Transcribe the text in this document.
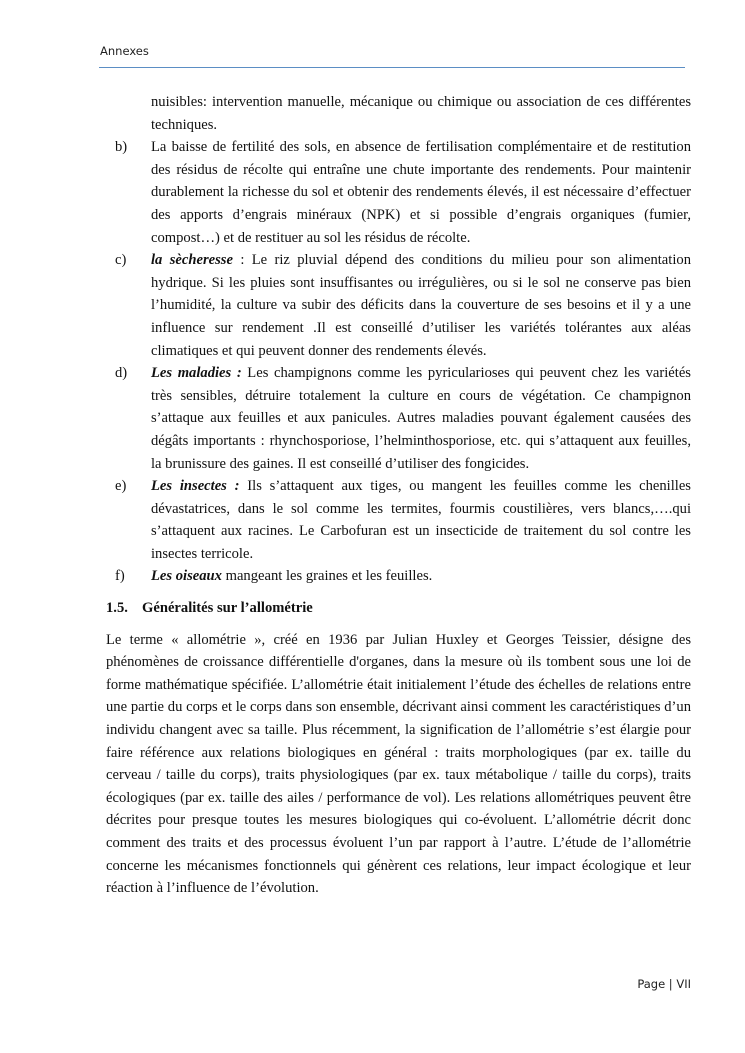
Annexes
nuisibles: intervention manuelle, mécanique ou chimique ou association de ces différentes techniques.
b)	La baisse de fertilité des sols, en absence de fertilisation complémentaire et de restitution des résidus de récolte qui entraîne une chute importante des rendements. Pour maintenir durablement la richesse du sol et obtenir des rendements élevés, il est nécessaire d’effectuer des apports d’engrais minéraux (NPK) et si possible d’engrais organiques (fumier, compost…) et de restituer au sol les résidus de récolte.
c)	la sècheresse : Le riz pluvial dépend des conditions du milieu pour son alimentation hydrique. Si les pluies sont insuffisantes ou irrégulières, ou si le sol ne conserve pas bien l’humidité, la culture va subir des déficits dans la couverture de ses besoins et il y a une influence sur rendement .Il est conseillé d’utiliser les variétés tolérantes aux aléas climatiques et qui peuvent donner des rendements élevés.
d)	Les maladies : Les champignons comme les pyricularioses qui peuvent chez les variétés très sensibles, détruire totalement la culture en cours de végétation. Ce champignon s’attaque aux feuilles et aux panicules. Autres maladies pouvant également causées des dégâts importants : rhynchosporiose, l’helminthosporiose, etc. qui s’attaquent aux feuilles, la brunissure des gaines. Il est conseillé d’utiliser des fongicides.
e)	Les insectes : Ils s’attaquent aux tiges, ou mangent les feuilles comme les chenilles dévastatrices, dans le sol comme les termites, fourmis coustilières, vers blancs,….qui s’attaquent aux racines. Le Carbofuran est un insecticide de traitement du sol contre les insectes terricole.
f)	Les oiseaux mangeant les graines et les feuilles.
1.5. Généralités sur l’allométrie
Le terme « allométrie », créé en 1936 par Julian Huxley et Georges Teissier, désigne des phénomènes de croissance différentielle d'organes, dans la mesure où ils tombent sous une loi de forme mathématique spécifiée. L’allométrie était initialement l’étude des échelles de relations entre une partie du corps et le corps dans son ensemble, décrivant ainsi comment les caractéristiques d’un individu changent avec sa taille. Plus récemment, la signification de l’allométrie s’est élargie pour faire référence aux relations biologiques en général : traits morphologiques (par ex. taille du cerveau / taille du corps), traits physiologiques (par ex. taux métabolique / taille du corps), traits écologiques (par ex. taille des ailes / performance de vol). Les relations allométriques peuvent être décrites pour presque toutes les mesures biologiques qui co-évoluent. L’allométrie décrit donc comment des traits et des processus évoluent l’un par rapport à l’autre. L’étude de l’allométrie concerne les mécanismes fonctionnels qui génèrent ces relations, leur impact écologique et leur réaction à l’influence de l’évolution.
Page | VII
